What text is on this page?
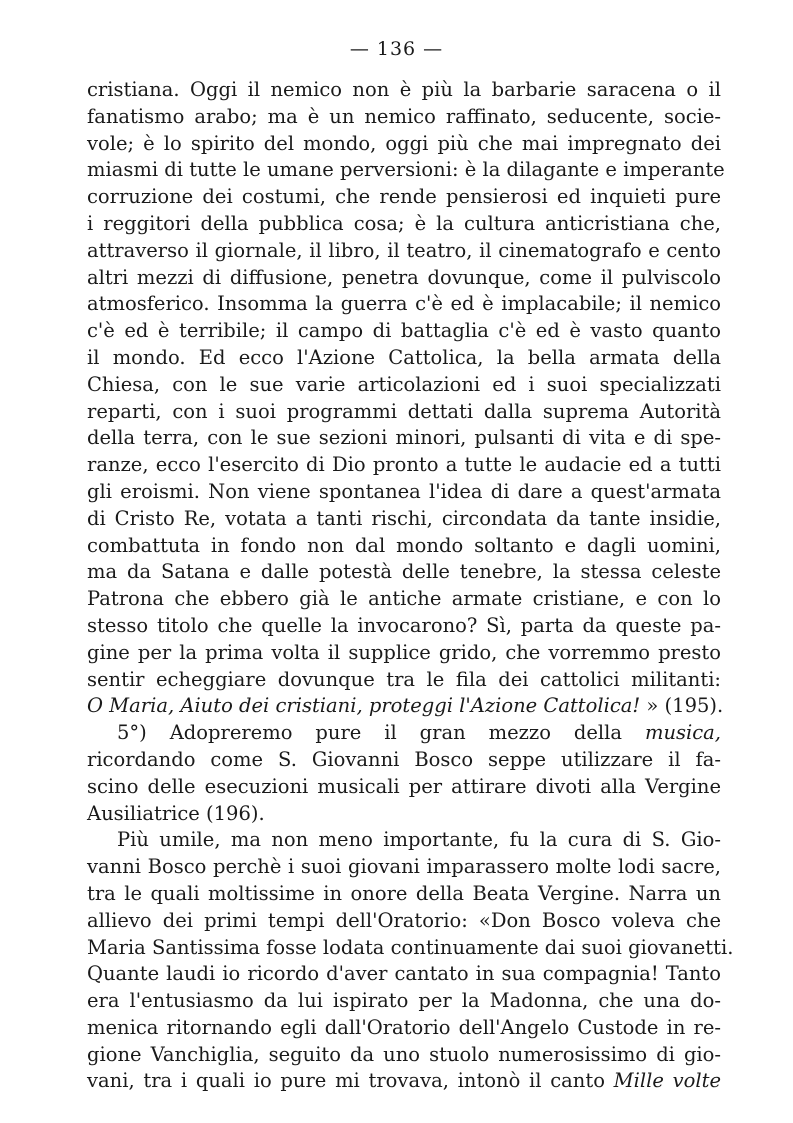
— 136 —
cristiana. Oggi il nemico non è più la barbarie saracena o il
fanatismo arabo; ma è un nemico raffinato, seducente, socie-
vole; è lo spirito del mondo, oggi più che mai impregnato dei
miasmi di tutte le umane perversioni: è la dilagante e imperante
corruzione dei costumi, che rende pensierosi ed inquieti pure
i reggitori della pubblica cosa; è la cultura anticristiana che,
attraverso il giornale, il libro, il teatro, il cinematografo e cento
altri mezzi di diffusione, penetra dovunque, come il pulviscolo
atmosferico. Insomma la guerra c'è ed è implacabile; il nemico
c'è ed è terribile; il campo di battaglia c'è ed è vasto quanto
il mondo. Ed ecco l'Azione Cattolica, la bella armata della
Chiesa, con le sue varie articolazioni ed i suoi specializzati
reparti, con i suoi programmi dettati dalla suprema Autorità
della terra, con le sue sezioni minori, pulsanti di vita e di spe-
ranze, ecco l'esercito di Dio pronto a tutte le audacie ed a tutti
gli eroismi. Non viene spontanea l'idea di dare a quest'armata
di Cristo Re, votata a tanti rischi, circondata da tante insidie,
combattuta in fondo non dal mondo soltanto e dagli uomini,
ma da Satana e dalle potestà delle tenebre, la stessa celeste
Patrona che ebbero già le antiche armate cristiane, e con lo
stesso titolo che quelle la invocarono? Sì, parta da queste pa-
gine per la prima volta il supplice grido, che vorremmo presto
sentir echeggiare dovunque tra le fila dei cattolici militanti:
O Maria, Aiuto dei cristiani, proteggi l'Azione Cattolica! » (195).
5°) Adopreremo pure il gran mezzo della musica,
ricordando come S. Giovanni Bosco seppe utilizzare il fa-
scino delle esecuzioni musicali per attirare divoti alla Vergine
Ausiliatrice (196).
Più umile, ma non meno importante, fu la cura di S. Gio-
vanni Bosco perchè i suoi giovani imparassero molte lodi sacre,
tra le quali moltissime in onore della Beata Vergine. Narra un
allievo dei primi tempi dell'Oratorio: «Don Bosco voleva che
Maria Santissima fosse lodata continuamente dai suoi giovanetti.
Quante laudi io ricordo d'aver cantato in sua compagnia! Tanto
era l'entusiasmo da lui ispirato per la Madonna, che una do-
menica ritornando egli dall'Oratorio dell'Angelo Custode in re-
gione Vanchiglia, seguito da uno stuolo numerosissimo di gio-
vani, tra i quali io pure mi trovava, intonò il canto Mille volte
